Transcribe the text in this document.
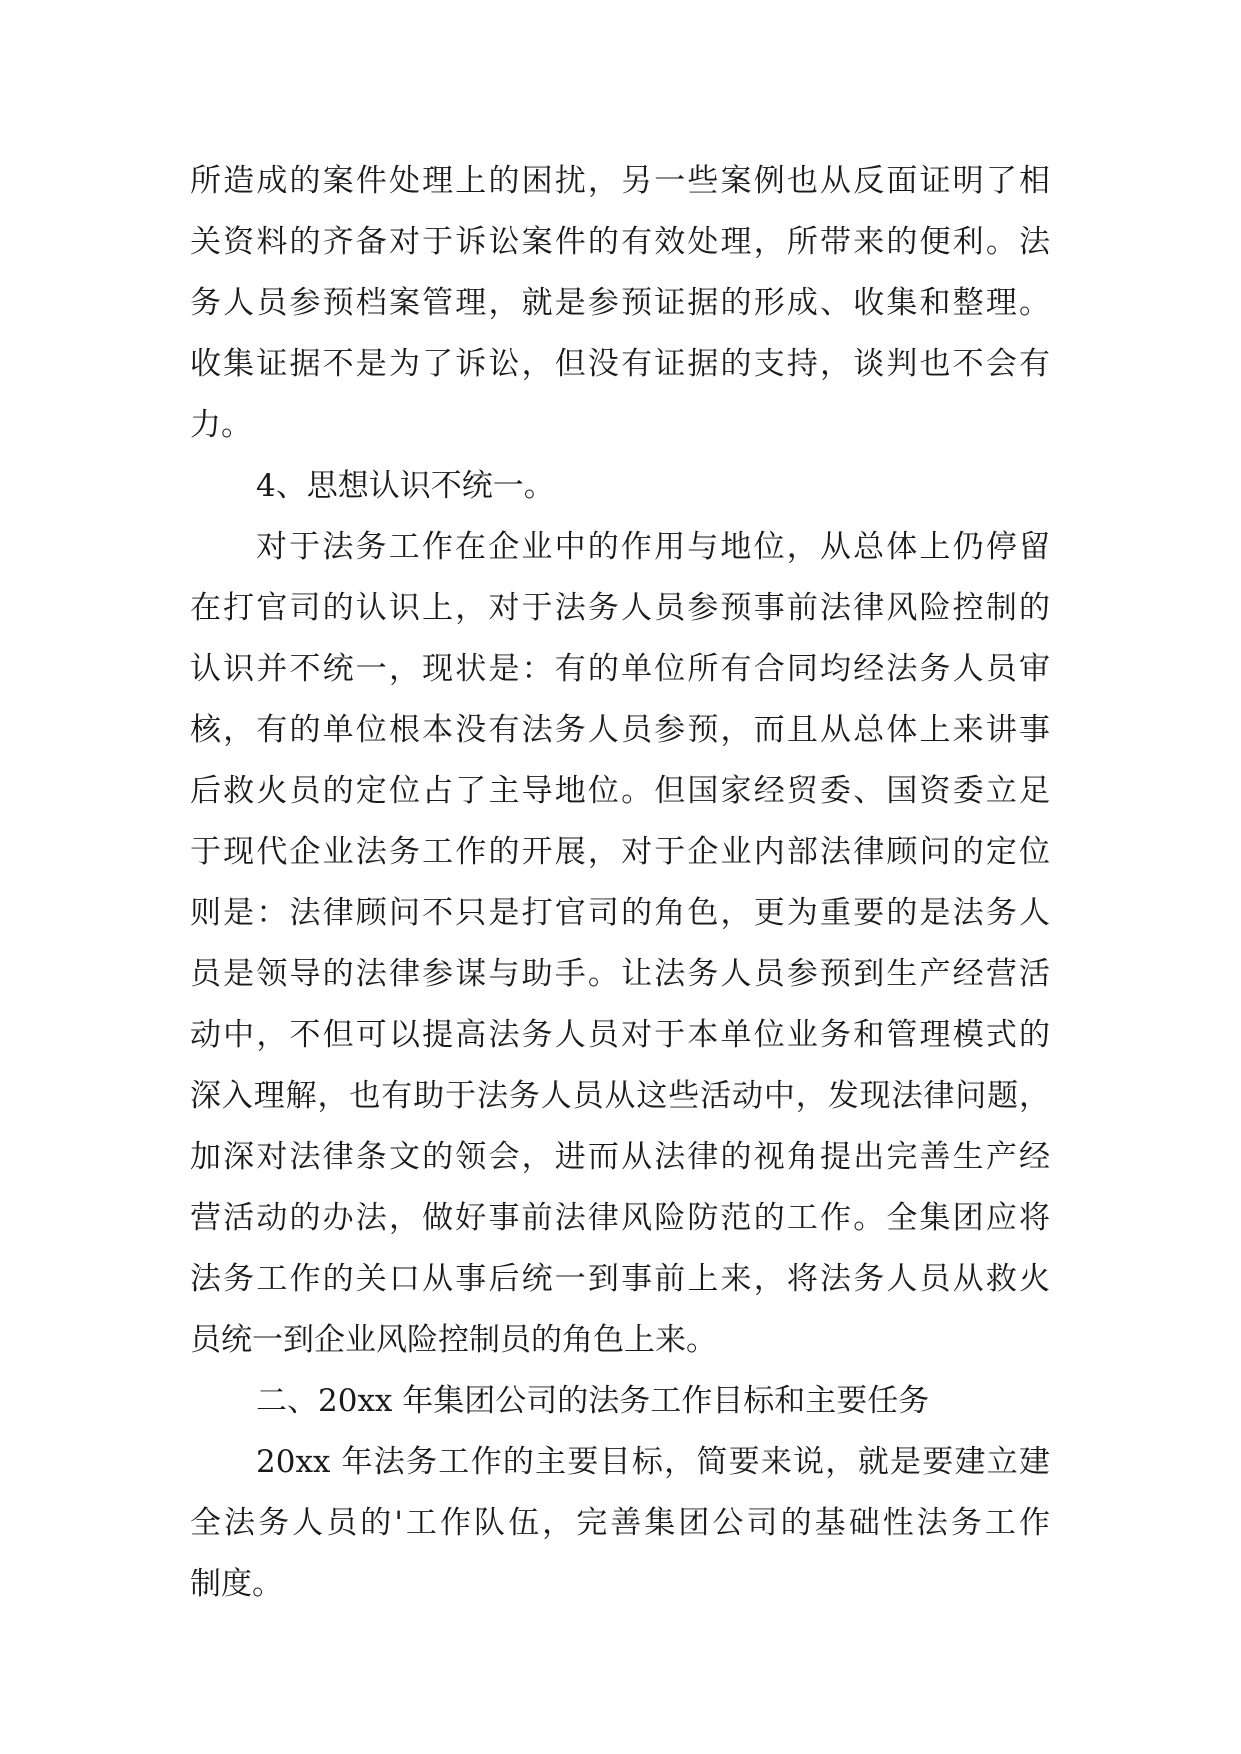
所造成的案件处理上的困扰，另一些案例也从反面证明了相

关资料的齐备对于诉讼案件的有效处理，所带来的便利。法

务人员参预档案管理，就是参预证据的形成、收集和整理。

收集证据不是为了诉讼，但没有证据的支持，谈判也不会有

力。

4、思想认识不统一。

对于法务工作在企业中的作用与地位，从总体上仍停留

在打官司的认识上，对于法务人员参预事前法律风险控制的

认识并不统一，现状是：有的单位所有合同均经法务人员审

核，有的单位根本没有法务人员参预，而且从总体上来讲事

后救火员的定位占了主导地位。但国家经贸委、国资委立足

于现代企业法务工作的开展，对于企业内部法律顾问的定位

则是：法律顾问不只是打官司的角色，更为重要的是法务人

员是领导的法律参谋与助手。让法务人员参预到生产经营活

动中，不但可以提高法务人员对于本单位业务和管理模式的

深入理解，也有助于法务人员从这些活动中，发现法律问题，

加深对法律条文的领会，进而从法律的视角提出完善生产经

营活动的办法，做好事前法律风险防范的工作。全集团应将

法务工作的关口从事后统一到事前上来，将法务人员从救火

员统一到企业风险控制员的角色上来。

二、20xx 年集团公司的法务工作目标和主要任务

20xx 年法务工作的主要目标，简要来说，就是要建立建

全法务人员的'工作队伍，完善集团公司的基础性法务工作

制度。
